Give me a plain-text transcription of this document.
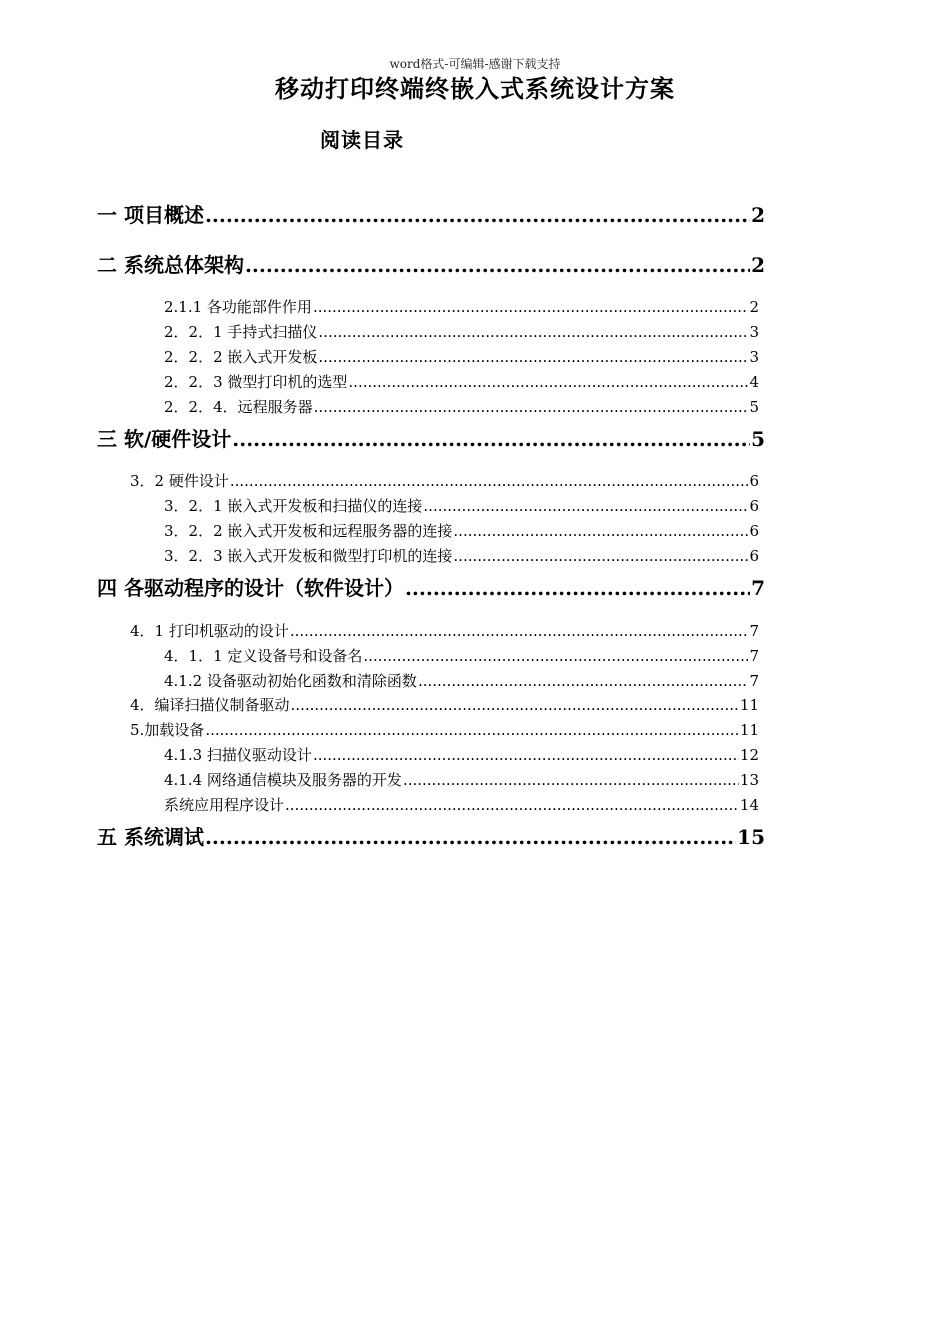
word格式-可编辑-感谢下载支持
移动打印终端终嵌入式系统设计方案
阅读目录
一 项目概述 .....	2
二 系统总体架构 .....	2
2.1.1 各功能部件作用 .....	2
2．2．1 手持式扫描仪 .....	3
2．2．2 嵌入式开发板 .....	3
2．2．3 微型打印机的选型 .....	4
2．2．4．远程服务器 .....	5
三 软/硬件设计 .....	5
3．2 硬件设计 .....	6
3．2．1 嵌入式开发板和扫描仪的连接 .....	6
3．2．2 嵌入式开发板和远程服务器的连接 .....	6
3．2．3 嵌入式开发板和微型打印机的连接 .....	6
四 各驱动程序的设计（软件设计） .....	7
4．1 打印机驱动的设计 .....	7
4．1．1 定义设备号和设备名 .....	7
4.1.2 设备驱动初始化函数和清除函数 .....	7
4．编译扫描仪制备驱动 .....	11
5.加载设备 .....	11
4.1.3 扫描仪驱动设计 .....	12
4.1.4 网络通信模块及服务器的开发 .....	13
系统应用程序设计 .....	14
五 系统调试 .....	15
